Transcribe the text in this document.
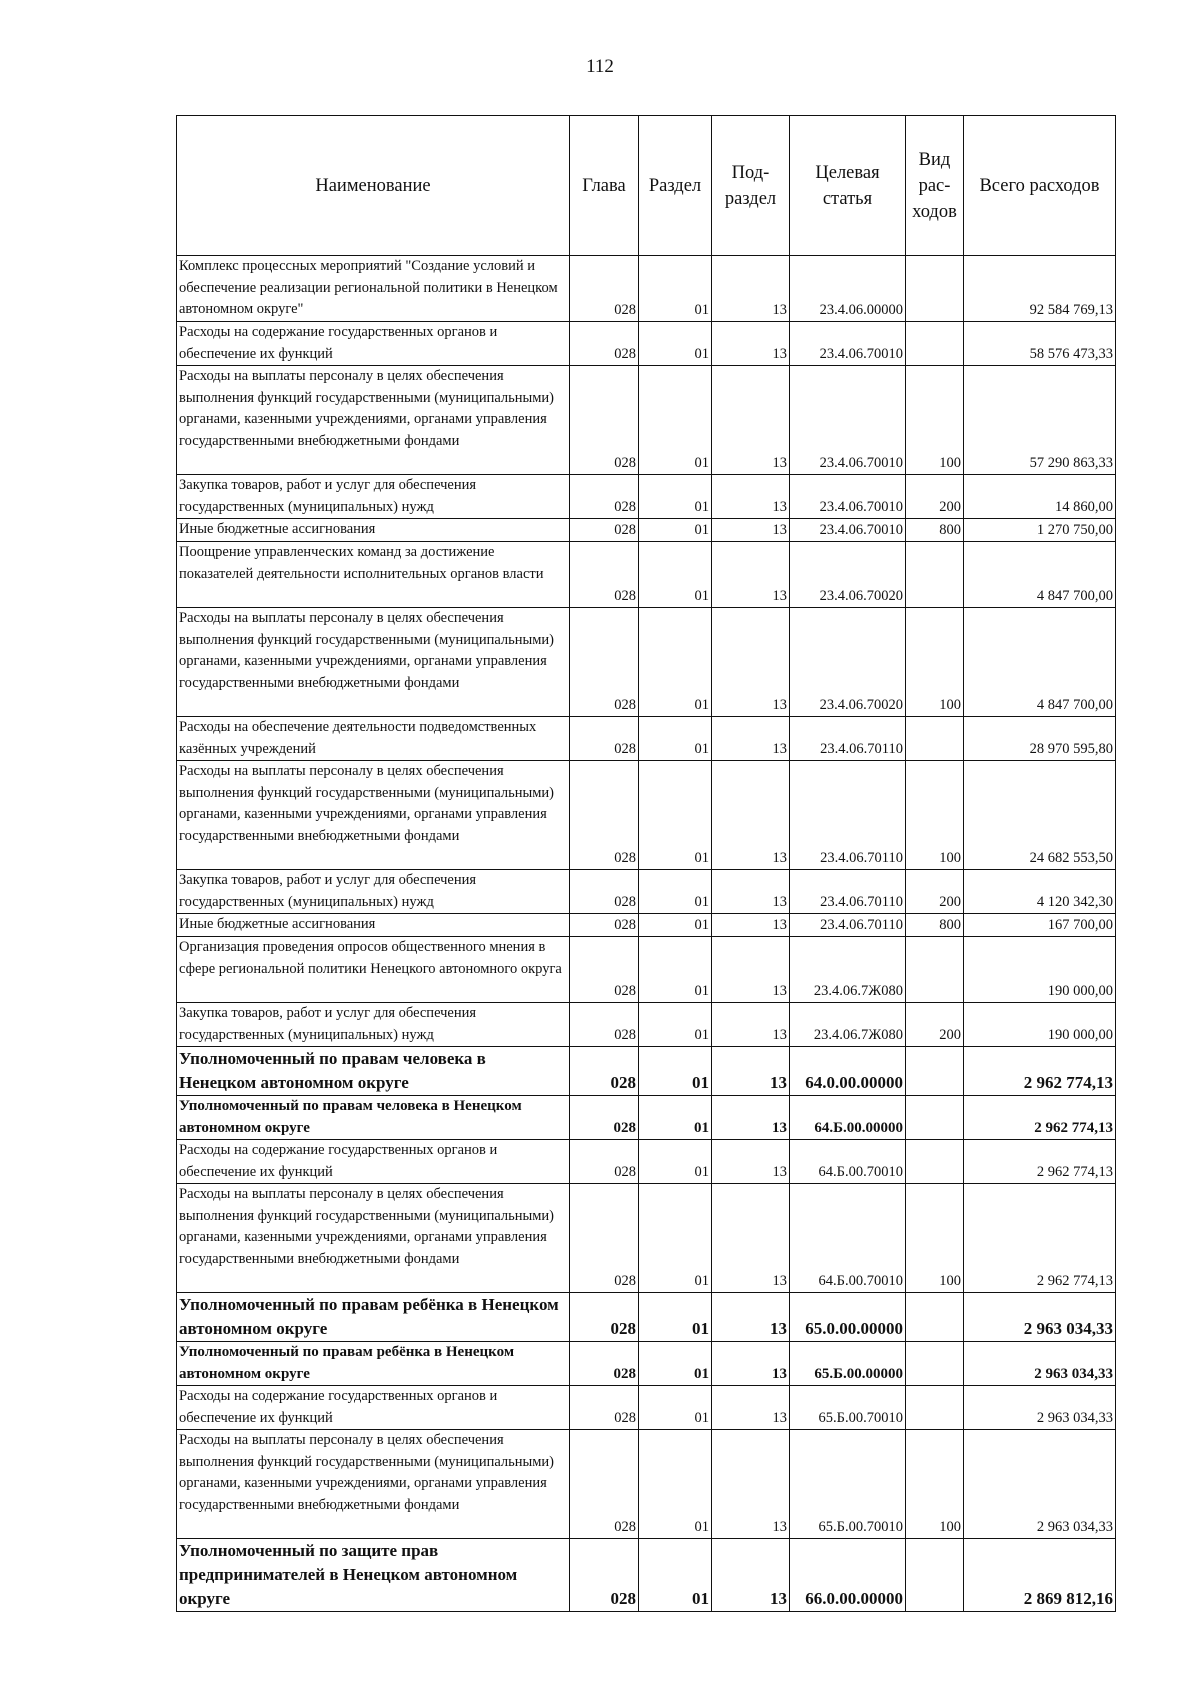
112
Наименование	Глава	Раздел	Под-раздел	Целевая статья	Вид рас-ходов	Всего расходов
Комплекс процессных мероприятий "Создание условий и обеспечение реализации региональной политики в Ненецком автономном округе"	028	01	13	23.4.06.00000		92 584 769,13
Расходы на содержание государственных органов и обеспечение их функций	028	01	13	23.4.06.70010		58 576 473,33
Расходы на выплаты персоналу в целях обеспечения выполнения функций государственными (муниципальными) органами, казенными учреждениями, органами управления государственными внебюджетными фондами	028	01	13	23.4.06.70010	100	57 290 863,33
Закупка товаров, работ и услуг для обеспечения государственных (муниципальных) нужд	028	01	13	23.4.06.70010	200	14 860,00
Иные бюджетные ассигнования	028	01	13	23.4.06.70010	800	1 270 750,00
Поощрение управленческих команд за достижение показателей деятельности исполнительных органов власти	028	01	13	23.4.06.70020		4 847 700,00
Расходы на выплаты персоналу в целях обеспечения выполнения функций государственными (муниципальными) органами, казенными учреждениями, органами управления государственными внебюджетными фондами	028	01	13	23.4.06.70020	100	4 847 700,00
Расходы на обеспечение деятельности подведомственных казённых учреждений	028	01	13	23.4.06.70110		28 970 595,80
Расходы на выплаты персоналу в целях обеспечения выполнения функций государственными (муниципальными) органами, казенными учреждениями, органами управления государственными внебюджетными фондами	028	01	13	23.4.06.70110	100	24 682 553,50
Закупка товаров, работ и услуг для обеспечения государственных (муниципальных) нужд	028	01	13	23.4.06.70110	200	4 120 342,30
Иные бюджетные ассигнования	028	01	13	23.4.06.70110	800	167 700,00
Организация проведения опросов общественного мнения в сфере региональной политики Ненецкого автономного округа	028	01	13	23.4.06.7Ж080		190 000,00
Закупка товаров, работ и услуг для обеспечения государственных (муниципальных) нужд	028	01	13	23.4.06.7Ж080	200	190 000,00
Уполномоченный по правам человека в Ненецком автономном округе	028	01	13	64.0.00.00000		2 962 774,13
Уполномоченный по правам человека в Ненецком автономном округе	028	01	13	64.Б.00.00000		2 962 774,13
Расходы на содержание государственных органов и обеспечение их функций	028	01	13	64.Б.00.70010		2 962 774,13
Расходы на выплаты персоналу в целях обеспечения выполнения функций государственными (муниципальными) органами, казенными учреждениями, органами управления государственными внебюджетными фондами	028	01	13	64.Б.00.70010	100	2 962 774,13
Уполномоченный по правам ребёнка в Ненецком автономном округе	028	01	13	65.0.00.00000		2 963 034,33
Уполномоченный по правам ребёнка в Ненецком автономном округе	028	01	13	65.Б.00.00000		2 963 034,33
Расходы на содержание государственных органов и обеспечение их функций	028	01	13	65.Б.00.70010		2 963 034,33
Расходы на выплаты персоналу в целях обеспечения выполнения функций государственными (муниципальными) органами, казенными учреждениями, органами управления государственными внебюджетными фондами	028	01	13	65.Б.00.70010	100	2 963 034,33
Уполномоченный по защите прав предпринимателей в Ненецком автономном округе	028	01	13	66.0.00.00000		2 869 812,16
